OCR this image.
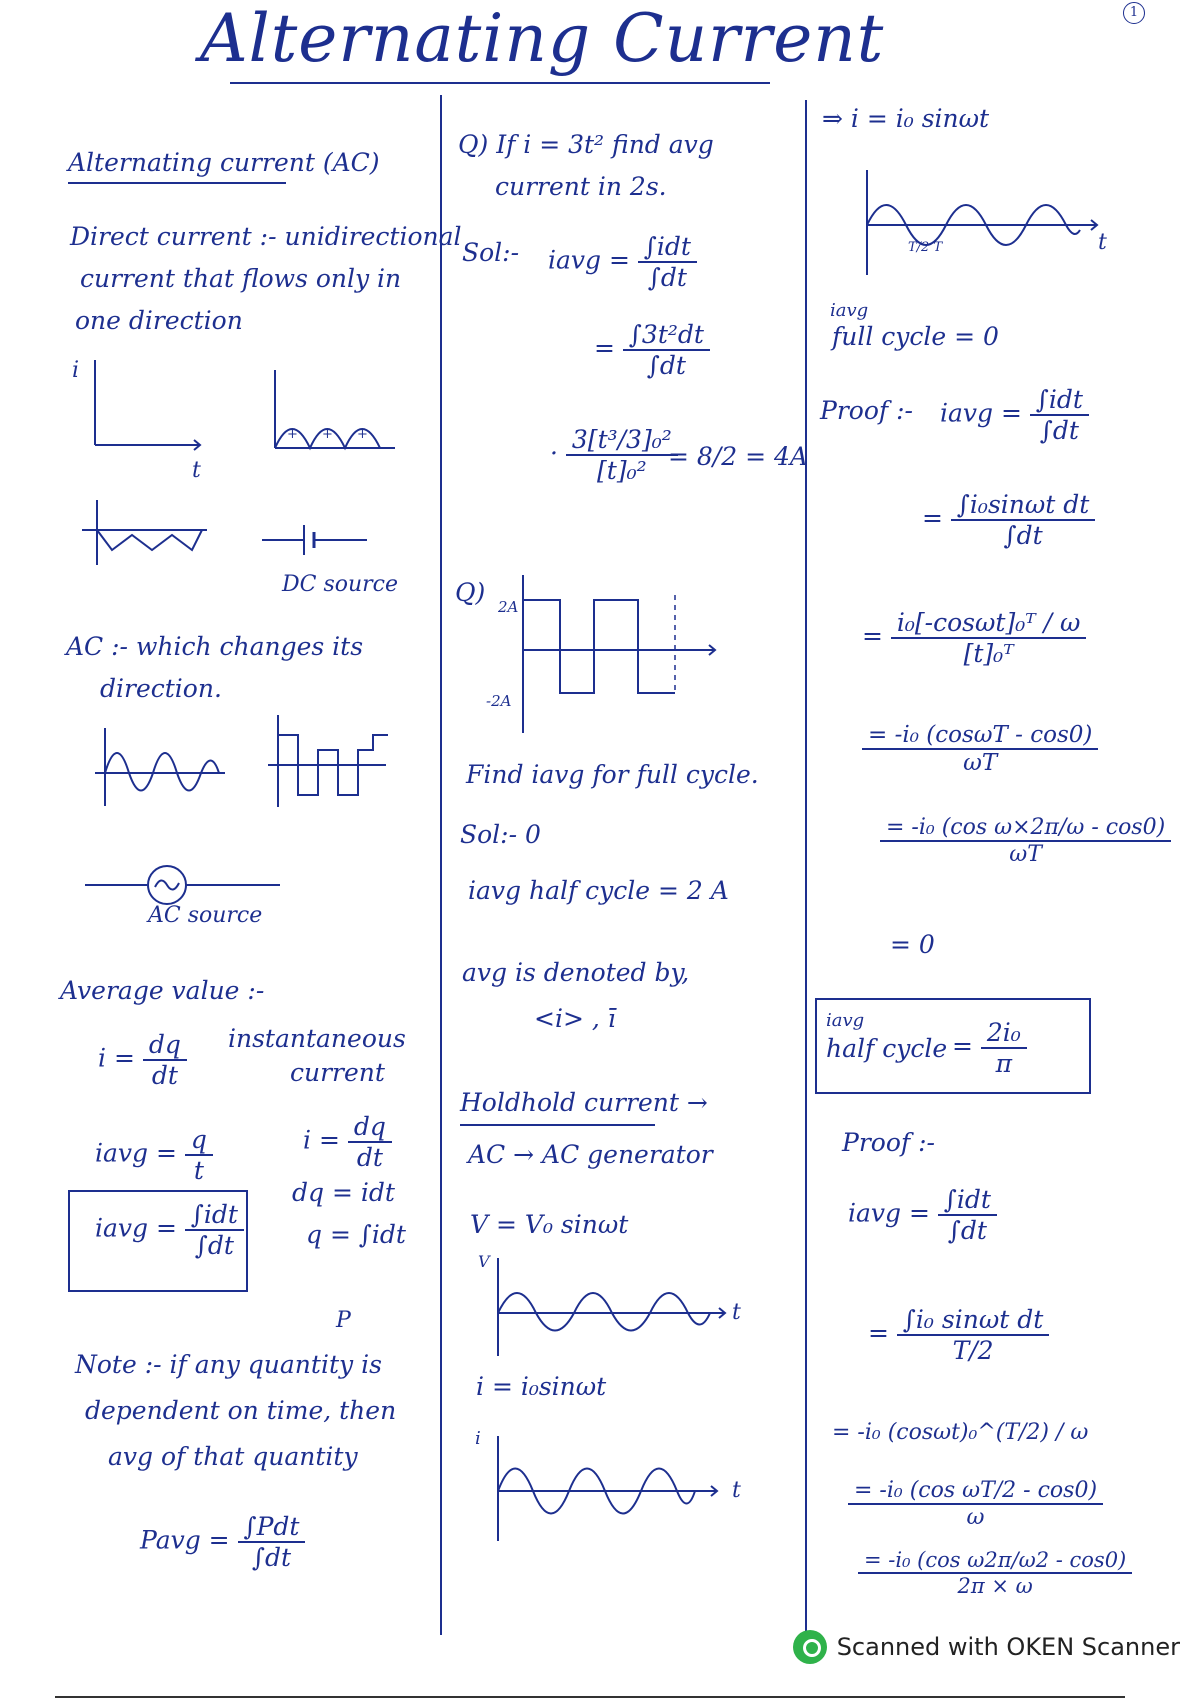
Alternating Current	1
Alternating current (AC)
Direct current :- unidirectional
current that flows only in
one direction
i
t
+ + +
DC source
AC :- which changes its
direction.
AC source
Average value :-
$i = \frac{dq}{dt}$ instantaneous
current
iavg = $\frac{q}{t}$	$i = \frac{dq}{dt}$
dq = idt
q = ∫idt
iavg = $\frac{\text{∫idt}}{\int dt}$
P
Note :- if any quantity is
dependent on time, then
avg of that quantity
Pavg = $\frac{\text{∫Pdt}}{\int dt}$
Q) If i = 3t² find avg
current in 2s.
Sol:- iavg = $\frac{\text{∫idt}}{\int dt}$
= $\frac{\text{∫3t²dt}}{\int dt}$
· $\frac{\text{3[t³/3]₀²}}{\text{[t]₀²}}$
= 8/2 = 4A
Q) 2A
-2A
Find iavg for full cycle.
Sol:- 0
iavg half cycle = 2 A
avg is denoted by,
<i> , ī
Holdhold current →
AC → AC generator
V = V₀ sinωt
V
t
i = i₀sinωt
i
t
⇒ i = i₀ sinωt
T/2 T	t
iavg
full cycle = 0
Proof :- iavg = $\frac{\text{∫idt}}{\int dt}$
= $\frac{\text{∫i₀sinωt dt}}{\int dt}$
= $\frac{\text{i₀[-cosωt]₀ᵀ / ω}}{\text{[t]₀ᵀ}}$
$\frac{\text{= -i₀ (cosωT - cos0)}}{\omega T}$
$\frac{\text{= -i₀ (cos ω×2π/ω - cos0)}}{\omega T}$
= 0
iavg
half cycle = $\frac{\text{2i₀}}{\pi}$
Proof :-
iavg = $\frac{\text{∫idt}}{\int dt}$
= $\frac{\text{∫i₀ sinωt dt}}{T/2}$
= -i₀ (cosωt)₀^(T/2) / ω
$\frac{\text{= -i₀ (cos ωT/2 - cos0)}}{\omega}$
$\frac{\text{= -i₀ (cos ω2π/ω2 - cos0)}}{2\pi \times \omega}$
Scanned with OKEN Scanner
